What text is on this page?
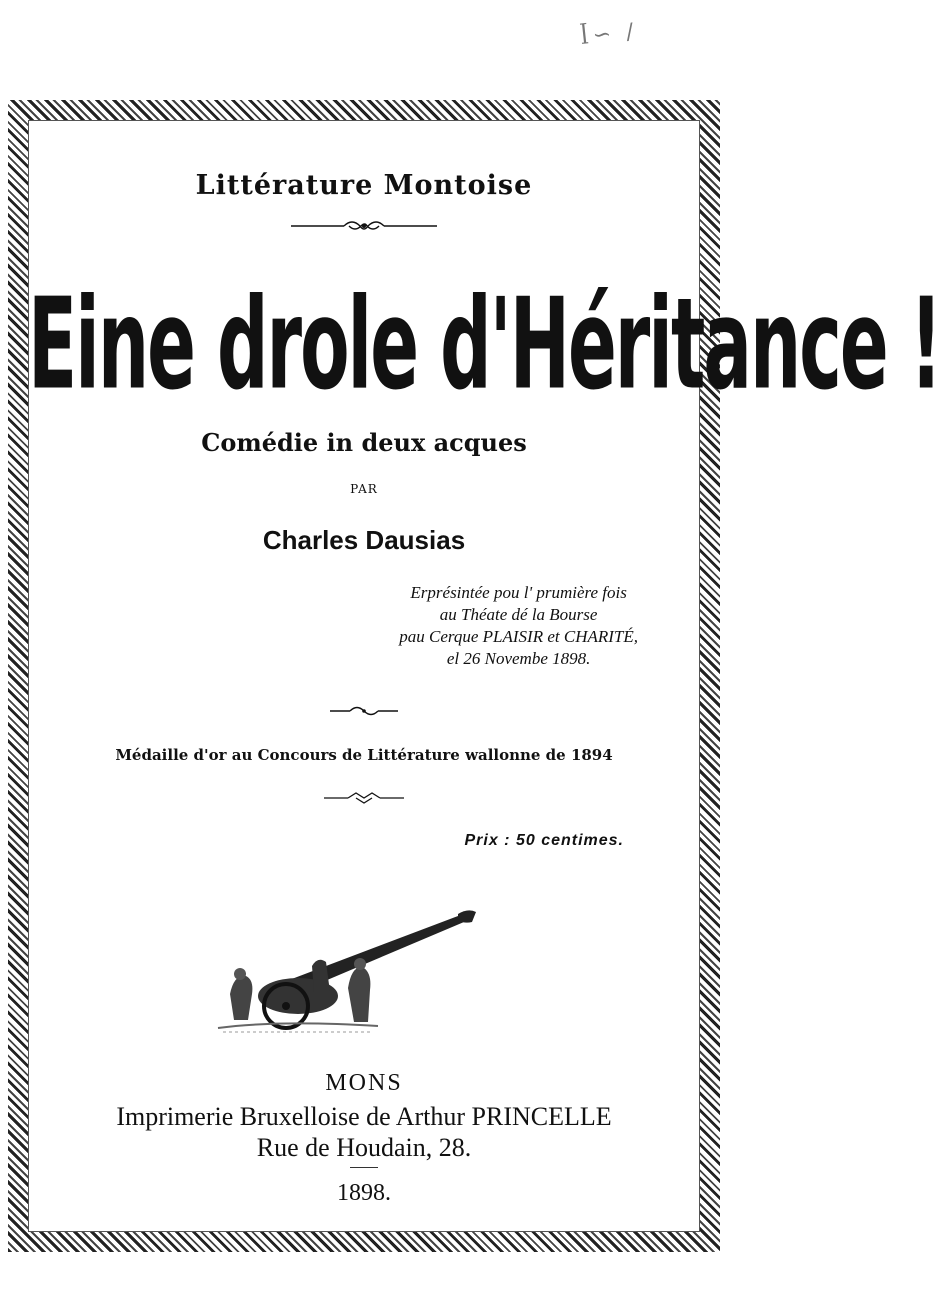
ꟾ∽ /
Littérature Montoise
Eine drole d'Héritance !
Comédie in deux acques
PAR
Charles Dausias
Erprésintée pou l' prumière fois
au Théate dé la Bourse
pau Cerque PLAISIR et CHARITÉ,
el 26 Novembe 1898.
Médaille d'or au Concours de Littérature wallonne de 1894
Prix : 50 centimes.
MONS
Imprimerie Bruxelloise de Arthur PRINCELLE
Rue de Houdain, 28.
1898.
